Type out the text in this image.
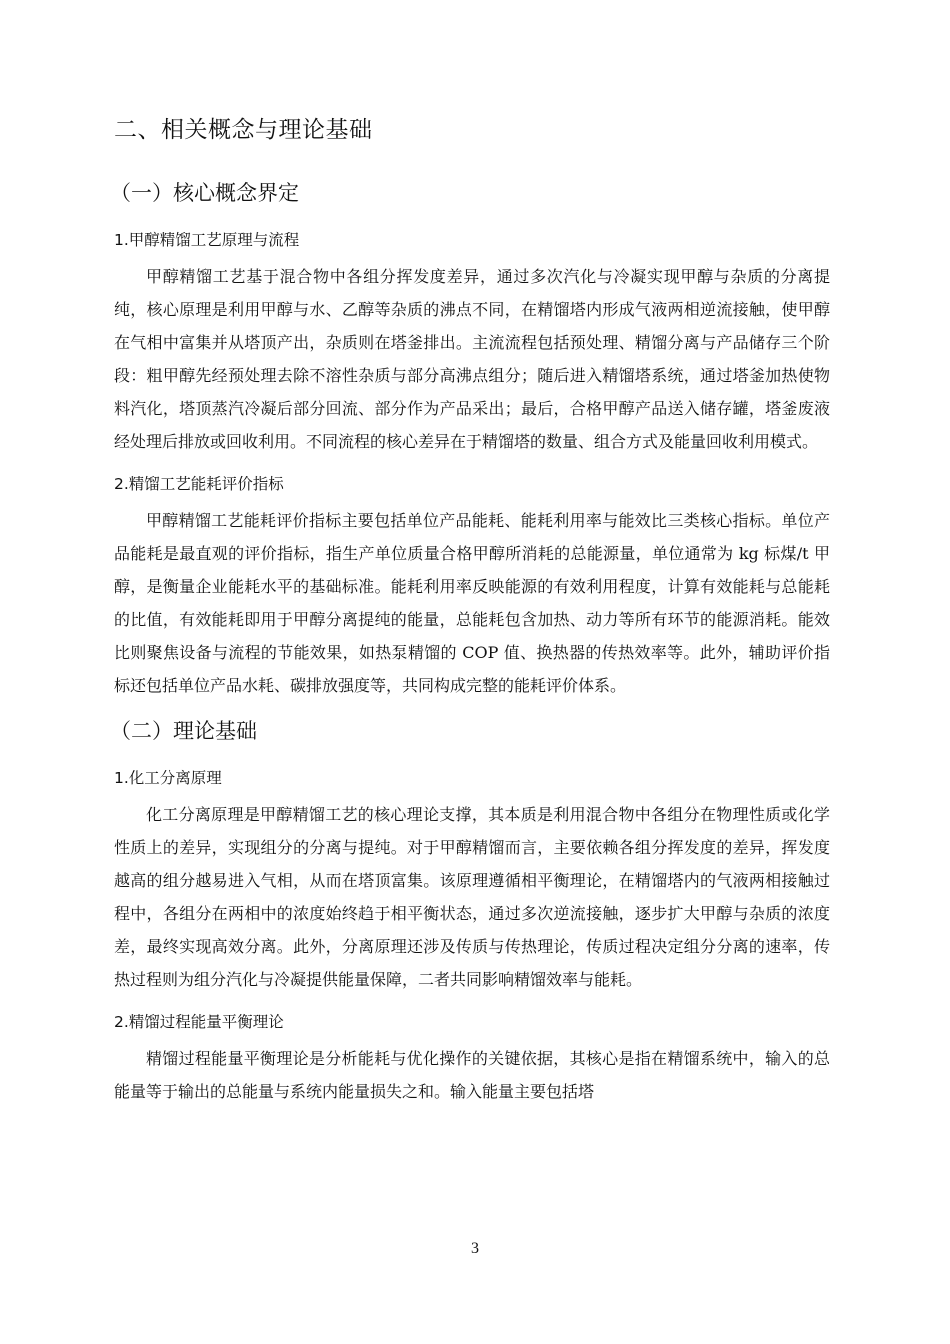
二、相关概念与理论基础
（一）核心概念界定
1.甲醇精馏工艺原理与流程

甲醇精馏工艺基于混合物中各组分挥发度差异，通过多次汽化与冷凝实现甲醇与杂质的分离提纯，核心原理是利用甲醇与水、乙醇等杂质的沸点不同，在精馏塔内形成气液两相逆流接触，使甲醇在气相中富集并从塔顶产出，杂质则在塔釜排出。主流流程包括预处理、精馏分离与产品储存三个阶段：粗甲醇先经预处理去除不溶性杂质与部分高沸点组分；随后进入精馏塔系统，通过塔釜加热使物料汽化，塔顶蒸汽冷凝后部分回流、部分作为产品采出；最后，合格甲醇产品送入储存罐，塔釜废液经处理后排放或回收利用。不同流程的核心差异在于精馏塔的数量、组合方式及能量回收利用模式。

2.精馏工艺能耗评价指标

甲醇精馏工艺能耗评价指标主要包括单位产品能耗、能耗利用率与能效比三类核心指标。单位产品能耗是最直观的评价指标，指生产单位质量合格甲醇所消耗的总能源量，单位通常为 kg 标煤/t 甲醇，是衡量企业能耗水平的基础标准。能耗利用率反映能源的有效利用程度，计算有效能耗与总能耗的比值，有效能耗即用于甲醇分离提纯的能量，总能耗包含加热、动力等所有环节的能源消耗。能效比则聚焦设备与流程的节能效果，如热泵精馏的 COP 值、换热器的传热效率等。此外，辅助评价指标还包括单位产品水耗、碳排放强度等，共同构成完整的能耗评价体系。

（二）理论基础
1.化工分离原理

化工分离原理是甲醇精馏工艺的核心理论支撑，其本质是利用混合物中各组分在物理性质或化学性质上的差异，实现组分的分离与提纯。对于甲醇精馏而言，主要依赖各组分挥发度的差异，挥发度越高的组分越易进入气相，从而在塔顶富集。该原理遵循相平衡理论，在精馏塔内的气液两相接触过程中，各组分在两相中的浓度始终趋于相平衡状态，通过多次逆流接触，逐步扩大甲醇与杂质的浓度差，最终实现高效分离。此外，分离原理还涉及传质与传热理论，传质过程决定组分分离的速率，传热过程则为组分汽化与冷凝提供能量保障，二者共同影响精馏效率与能耗。

2.精馏过程能量平衡理论

精馏过程能量平衡理论是分析能耗与优化操作的关键依据，其核心是指在精馏系统中，输入的总能量等于输出的总能量与系统内能量损失之和。输入能量主要包括塔

3
